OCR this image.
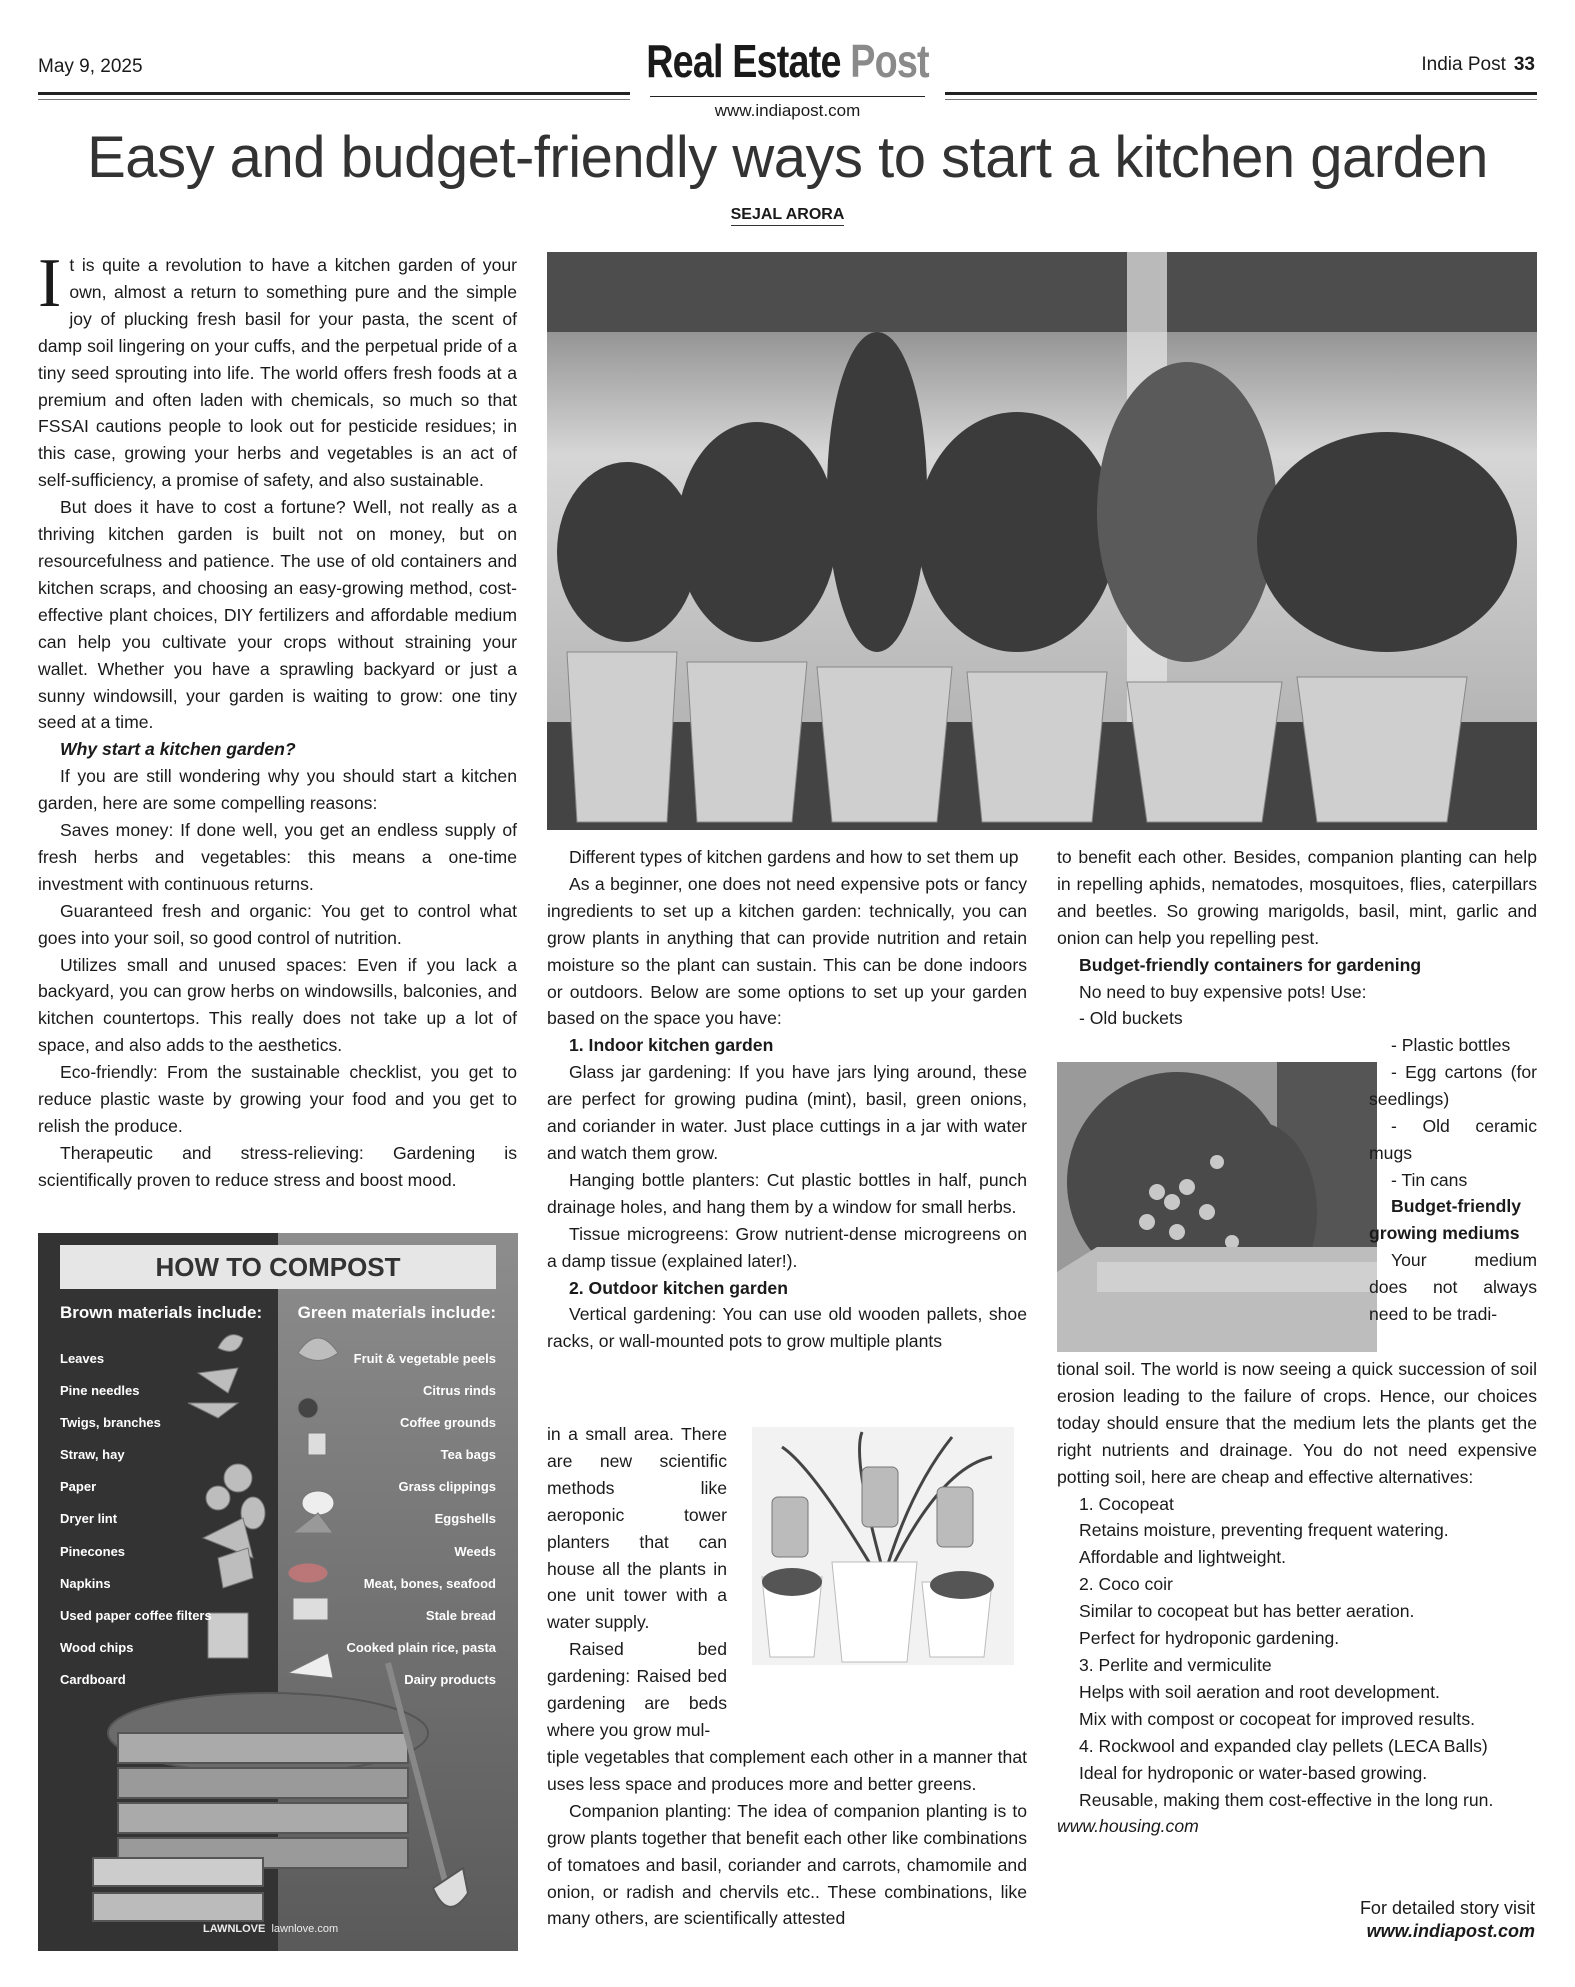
May 9, 2025	Real Estate Post	India Post 33
www.indiapost.com
Easy and budget-friendly ways to start a kitchen garden
SEJAL ARORA

It is quite a revolution to have a kitchen garden of your own, almost a return to something pure and the simple joy of plucking fresh basil for your pasta, the scent of damp soil lingering on your cuffs, and the perpetual pride of a tiny seed sprouting into life. The world offers fresh foods at a premium and often laden with chemicals, so much so that FSSAI cautions people to look out for pesticide residues; in this case, growing your herbs and vegetables is an act of self-sufficiency, a promise of safety, and also sustainable.

But does it have to cost a fortune? Well, not really as a thriving kitchen garden is built not on money, but on resourcefulness and patience. The use of old containers and kitchen scraps, and choosing an easy-growing method, cost-effective plant choices, DIY fertilizers and affordable medium can help you cultivate your crops without straining your wallet. Whether you have a sprawling backyard or just a sunny windowsill, your garden is waiting to grow: one tiny seed at a time.

Why start a kitchen garden?

If you are still wondering why you should start a kitchen garden, here are some compelling reasons:

Saves money: If done well, you get an endless supply of fresh herbs and vegetables: this means a one-time investment with continuous returns.

Guaranteed fresh and organic: You get to control what goes into your soil, so good control of nutrition.

Utilizes small and unused spaces: Even if you lack a backyard, you can grow herbs on windowsills, balconies, and kitchen countertops. This really does not take up a lot of space, and also adds to the aesthetics.

Eco-friendly: From the sustainable checklist, you get to reduce plastic waste by growing your food and you get to relish the produce.

Therapeutic and stress-relieving: Gardening is scientifically proven to reduce stress and boost mood.

HOW TO COMPOST
Brown materials include: Green materials include:
Leaves
Pine needles
Twigs, branches
Straw, hay
Paper
Dryer lint
Pinecones
Napkins
Used paper coffee filters
Wood chips
Cardboard
Fruit & vegetable peels
Citrus rinds
Coffee grounds
Tea bags
Grass clippings
Eggshells
Weeds
Meat, bones, seafood
Stale bread
Cooked plain rice, pasta
Dairy products
LAWNLOVE lawnlove.com

Different types of kitchen gardens and how to set them up

As a beginner, one does not need expensive pots or fancy ingredients to set up a kitchen garden: technically, you can grow plants in anything that can provide nutrition and retain moisture so the plant can sustain. This can be done indoors or outdoors. Below are some options to set up your garden based on the space you have:

1. Indoor kitchen garden

Glass jar gardening: If you have jars lying around, these are perfect for growing pudina (mint), basil, green onions, and coriander in water. Just place cuttings in a jar with water and watch them grow.

Hanging bottle planters: Cut plastic bottles in half, punch drainage holes, and hang them by a window for small herbs.

Tissue microgreens: Grow nutrient-dense microgreens on a damp tissue (explained later!).

2. Outdoor kitchen garden

Vertical gardening: You can use old wooden pallets, shoe racks, or wall-mounted pots to grow multiple plants

in a small area. There are new scientific methods like aeroponic tower planters that can house all the plants in one unit tower with a water supply.

Raised bed gardening: Raised bed gardening are beds where you grow mul-

tiple vegetables that complement each other in a manner that uses less space and produces more and better greens.

Companion planting: The idea of companion planting is to grow plants together that benefit each other like combinations of tomatoes and basil, coriander and carrots, chamomile and onion, or radish and chervils etc.. These combinations, like many others, are scientifically attested

to benefit each other. Besides, companion planting can help in repelling aphids, nematodes, mosquitoes, flies, caterpillars and beetles. So growing marigolds, basil, mint, garlic and onion can help you repelling pest.

Budget-friendly containers for gardening

No need to buy expensive pots! Use:

- Old buckets

- Plastic bottles

- Egg cartons (for seedlings)

- Old ceramic mugs

- Tin cans

Budget-friendly growing mediums

Your medium does not always need to be tradi-

tional soil. The world is now seeing a quick succession of soil erosion leading to the failure of crops. Hence, our choices today should ensure that the medium lets the plants get the right nutrients and drainage. You do not need expensive potting soil, here are cheap and effective alternatives:

1. Cocopeat

Retains moisture, preventing frequent watering.

Affordable and lightweight.

2. Coco coir

Similar to cocopeat but has better aeration.

Perfect for hydroponic gardening.

3. Perlite and vermiculite

Helps with soil aeration and root development.

Mix with compost or cocopeat for improved results.

4. Rockwool and expanded clay pellets (LECA Balls)

Ideal for hydroponic or water-based growing.

Reusable, making them cost-effective in the long run.

www.housing.com

For detailed story visit
www.indiapost.com
